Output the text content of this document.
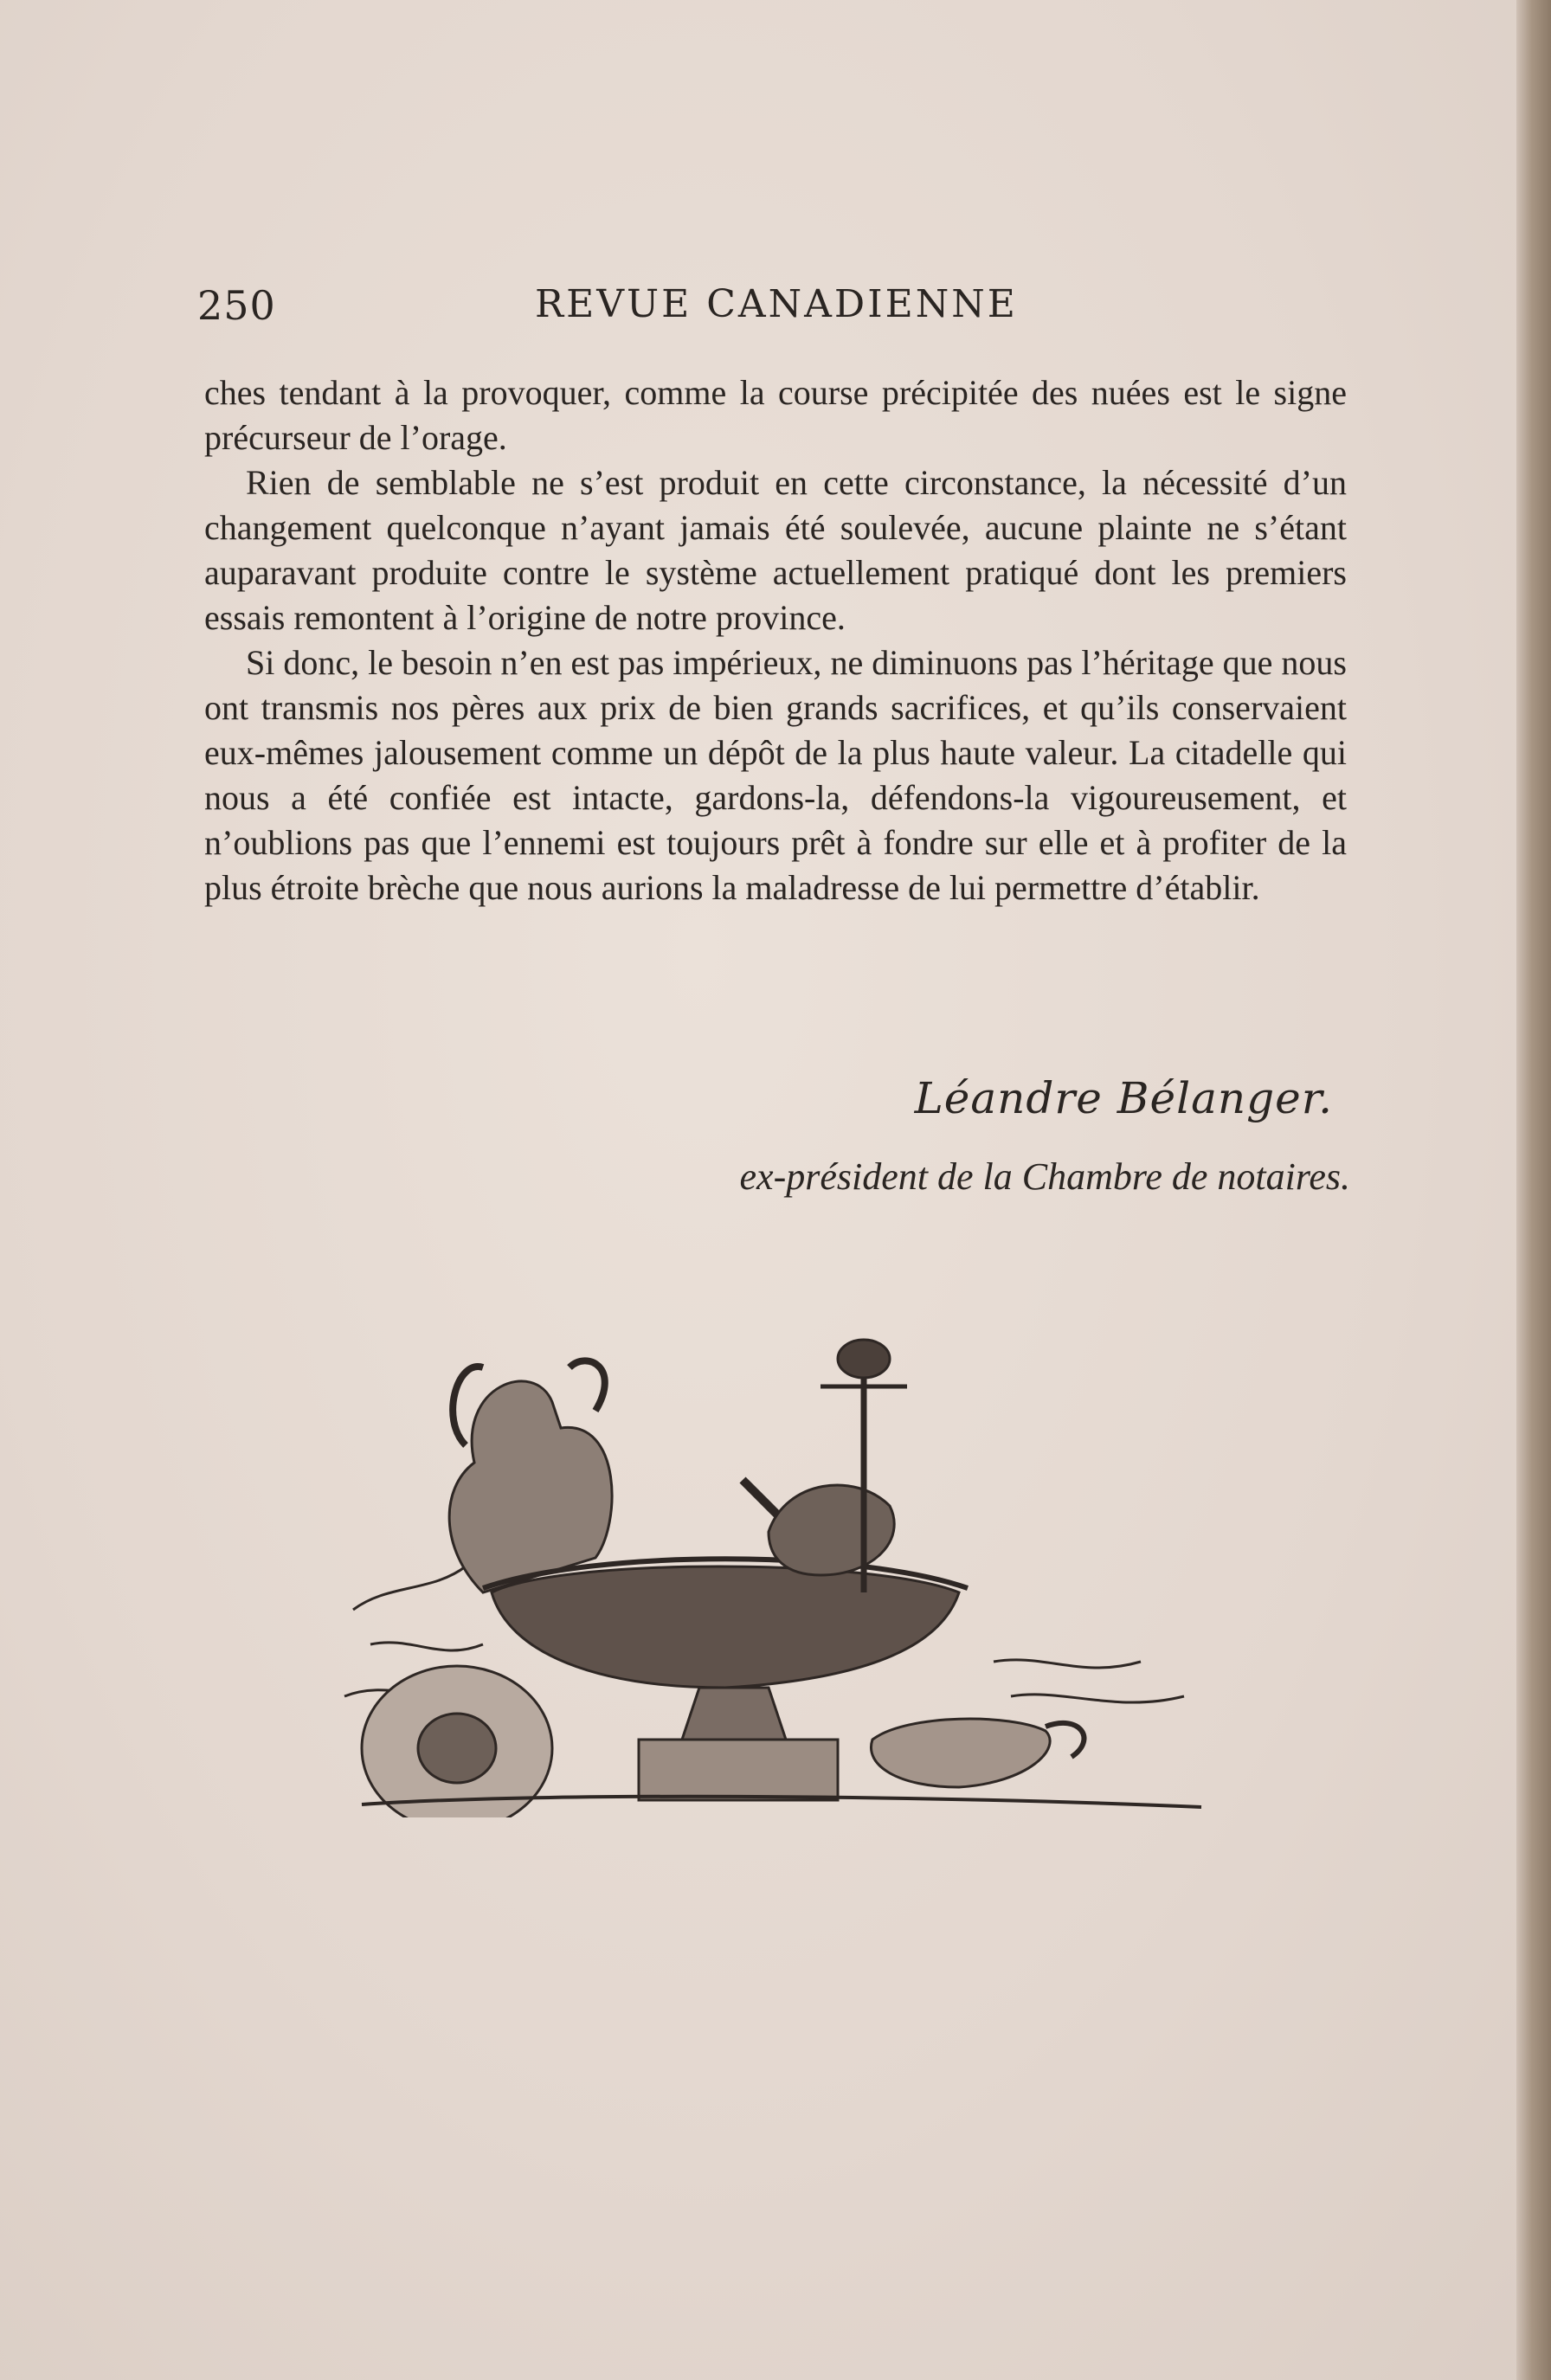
250	REVUE CANADIENNE

ches tendant à la provoquer, comme la course précipitée des nuées est le signe précurseur de l’orage.

Rien de semblable ne s’est produit en cette circonstance, la nécessité d’un changement quelconque n’ayant jamais été soulevée, aucune plainte ne s’étant auparavant produite contre le système actuellement pratiqué dont les premiers essais remontent à l’origine de notre province.

Si donc, le besoin n’en est pas impérieux, ne diminuons pas l’héritage que nous ont transmis nos pères aux prix de bien grands sacrifices, et qu’ils conservaient eux-mêmes jalousement comme un dépôt de la plus haute valeur. La citadelle qui nous a été confiée est intacte, gardons-la, défendons-la vigoureusement, et n’oublions pas que l’ennemi est toujours prêt à fondre sur elle et à profiter de la plus étroite brèche que nous aurions la maladresse de lui permettre d’établir.

Léandre Bélanger.
ex-président de la Chambre de notaires.
